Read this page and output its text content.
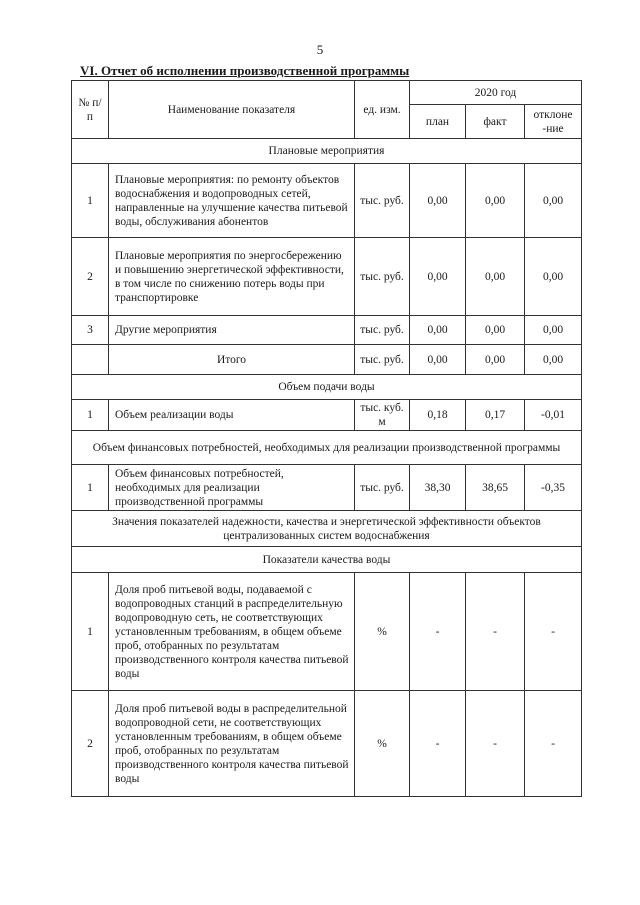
5
VI. Отчет об исполнении производственной программы
№ п/п	Наименование показателя	ед. изм.	2020 год		
			план	факт	отклоне -ние
Плановые мероприятия					
1	Плановые мероприятия: по ремонту объектов водоснабжения и водопроводных сетей, направленные на улучшение качества питьевой воды, обслуживания абонентов	тыс. руб.	0,00	0,00	0,00
2	Плановые мероприятия по энергосбережению и повышению энергетической эффективности, в том числе по снижению потерь воды при транспортировке	тыс. руб.	0,00	0,00	0,00
3	Другие мероприятия	тыс. руб.	0,00	0,00	0,00
	Итого	тыс. руб.	0,00	0,00	0,00
Объем подачи воды					
1	Объем реализации воды	тыс. куб. м	0,18	0,17	-0,01
Объем финансовых потребностей, необходимых для реализации производственной программы					
1	Объем финансовых потребностей, необходимых для реализации производственной программы	тыс. руб.	38,30	38,65	-0,35
Значения показателей надежности, качества и энергетической эффективности объектов централизованных систем водоснабжения					
Показатели качества воды					
1	Доля проб питьевой воды, подаваемой с водопроводных станций в распределительную водопроводную сеть, не соответствующих установленным требованиям, в общем объеме проб, отобранных по результатам производственного контроля качества питьевой воды	%	-	-	-
2	Доля проб питьевой воды в распределительной водопроводной сети, не соответствующих установленным требованиям, в общем объеме проб, отобранных по результатам производственного контроля качества питьевой воды	%	-	-	-
